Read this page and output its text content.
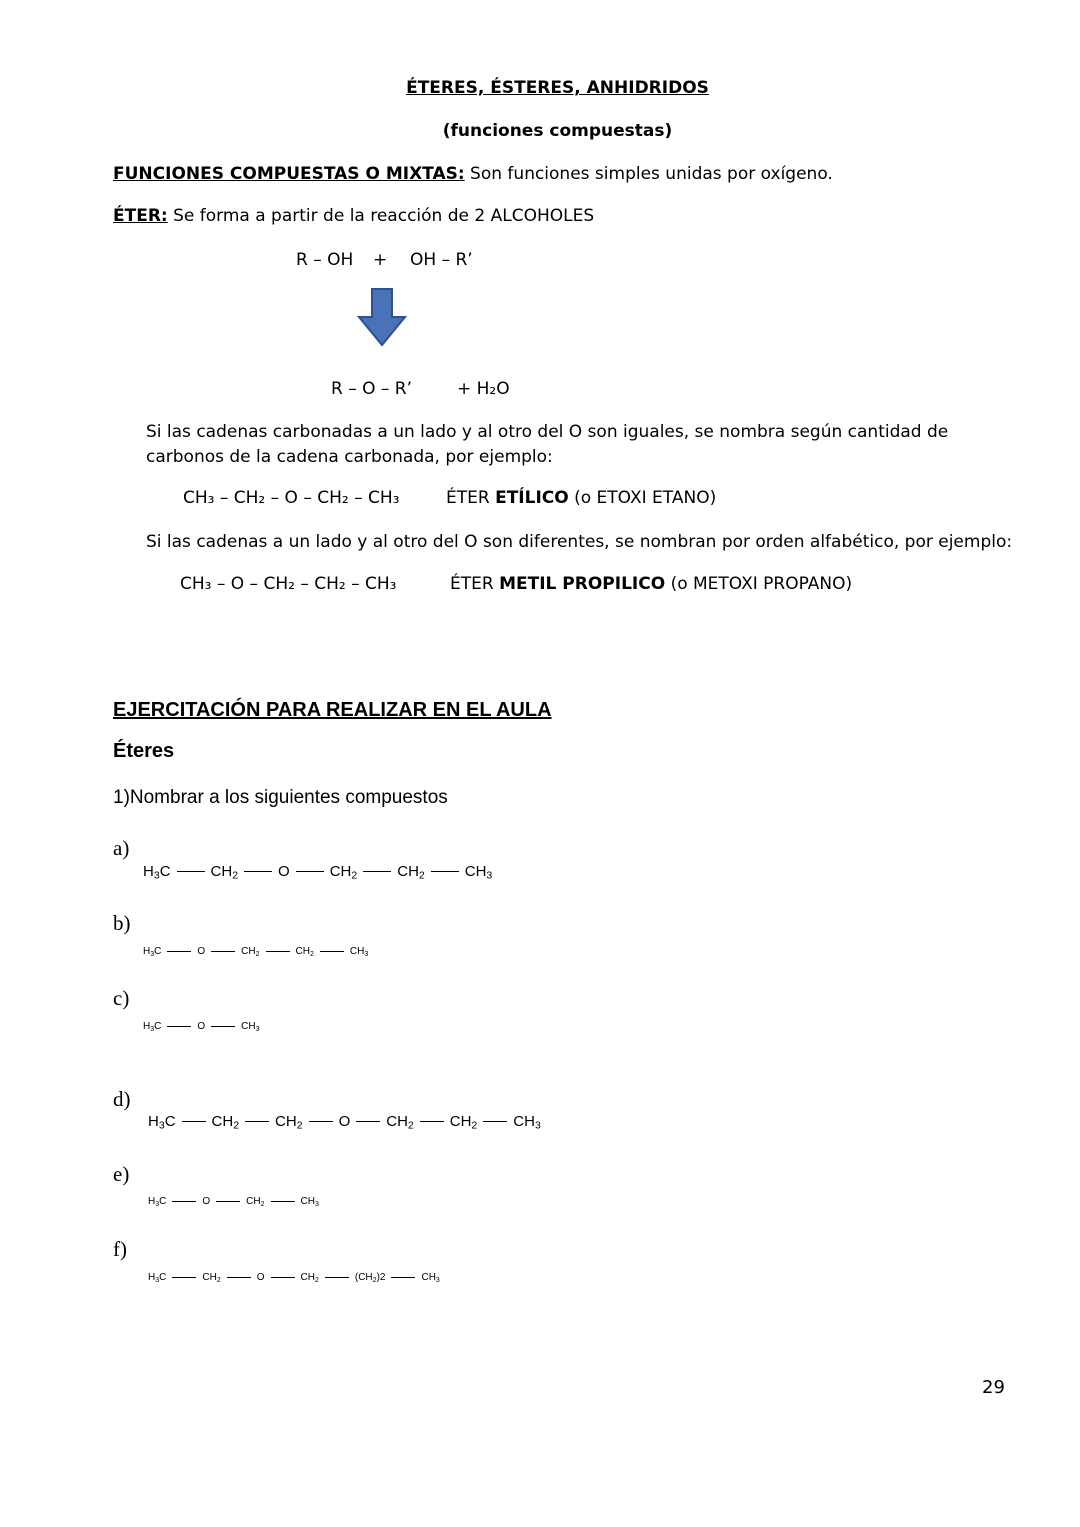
ÉTERES, ÉSTERES, ANHIDRIDOS
(funciones compuestas)
FUNCIONES COMPUESTAS O MIXTAS: Son funciones simples unidas por oxígeno.
ÉTER: Se forma a partir de la reacción de 2 ALCOHOLES
R – OH + OH – R’
R – O – R’	+ H₂O
Si las cadenas carbonadas a un lado y al otro del O son iguales, se nombra según cantidad de carbonos de la cadena carbonada, por ejemplo:
CH₃ – CH₂ – O – CH₂ – CH₃	ÉTER ETÍLICO (o ETOXI ETANO)
Si las cadenas a un lado y al otro del O son diferentes, se nombran por orden alfabético, por ejemplo:
CH₃ – O – CH₂ – CH₂ – CH₃	ÉTER METIL PROPILICO (o METOXI PROPANO)
EJERCITACIÓN PARA REALIZAR EN EL AULA
Éteres
1)Nombrar a los siguientes compuestos
a)
$H_3C$	$CH_2$	O	$CH_2$	$CH_2$	$CH_3$
b)
$H_3C$	O	$CH_2$	$CH_2$	$CH_3$
c)
$H_3C$	O	$CH_3$
d)
$H_3C$ $CH_2$ $CH_2$ O $CH_2$ $CH_2$ $CH_3$
e)
$H_3C$	O	$CH_2$	$CH_3$
f)
$H_3C$	$CH_2$	O	$CH_2$	$(CH_2)2$	$CH_3$
29
